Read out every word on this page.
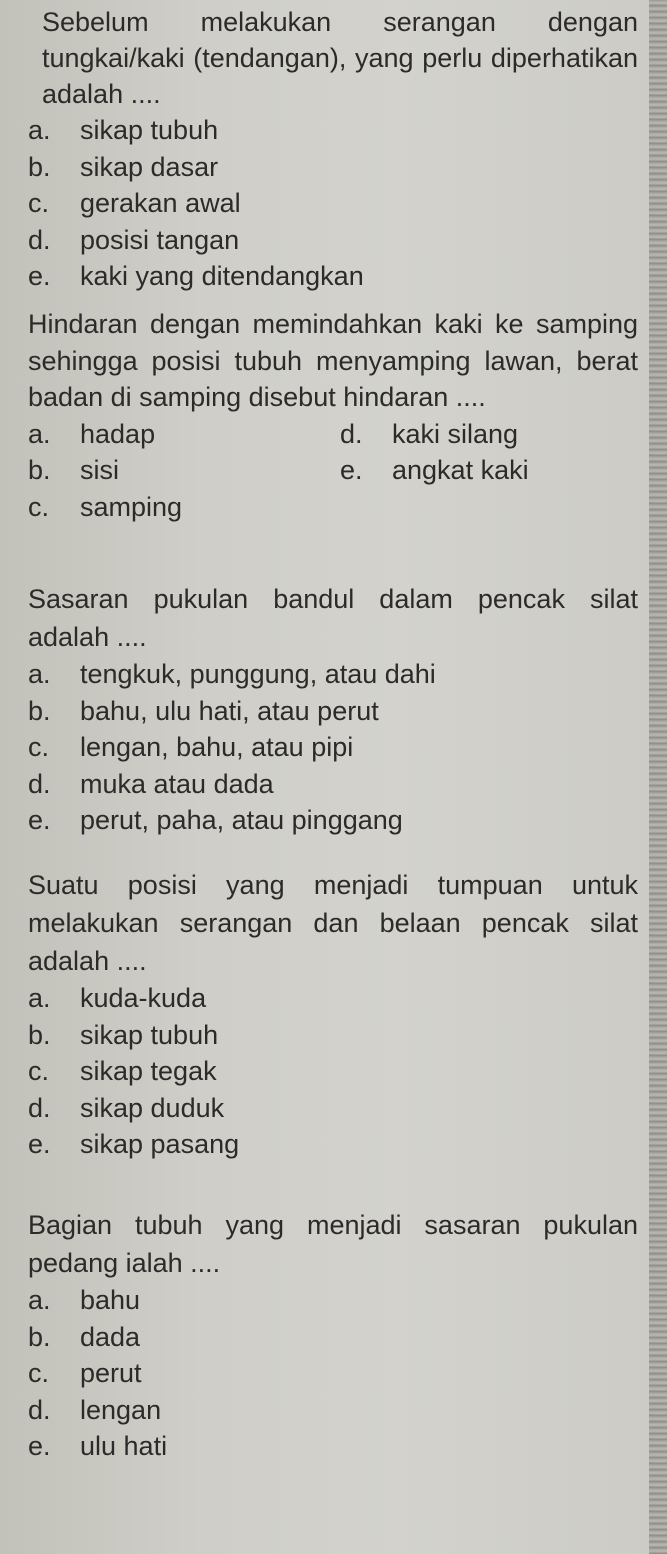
Sebelum melakukan serangan dengan tungkai/kaki (tendangan), yang perlu diperhatikan adalah ....

a.	sikap tubuh
b.	sikap dasar
c.	gerakan awal
d.	posisi tangan
e.	kaki yang ditendangkan

Hindaran dengan memindahkan kaki ke samping sehingga posisi tubuh menyamping lawan, berat badan di samping disebut hindaran ....

a.	hadap	d.	kaki silang
b.	sisi	e.	angkat kaki
c.	samping

Sasaran pukulan bandul dalam pencak silat adalah ....

a.	tengkuk, punggung, atau dahi
b.	bahu, ulu hati, atau perut
c.	lengan, bahu, atau pipi
d.	muka atau dada
e.	perut, paha, atau pinggang

Suatu posisi yang menjadi tumpuan untuk melakukan serangan dan belaan pencak silat adalah ....

a.	kuda-kuda
b.	sikap tubuh
c.	sikap tegak
d.	sikap duduk
e.	sikap pasang

Bagian tubuh yang menjadi sasaran pukulan pedang ialah ....

a.	bahu
b.	dada
c.	perut
d.	lengan
e.	ulu hati
